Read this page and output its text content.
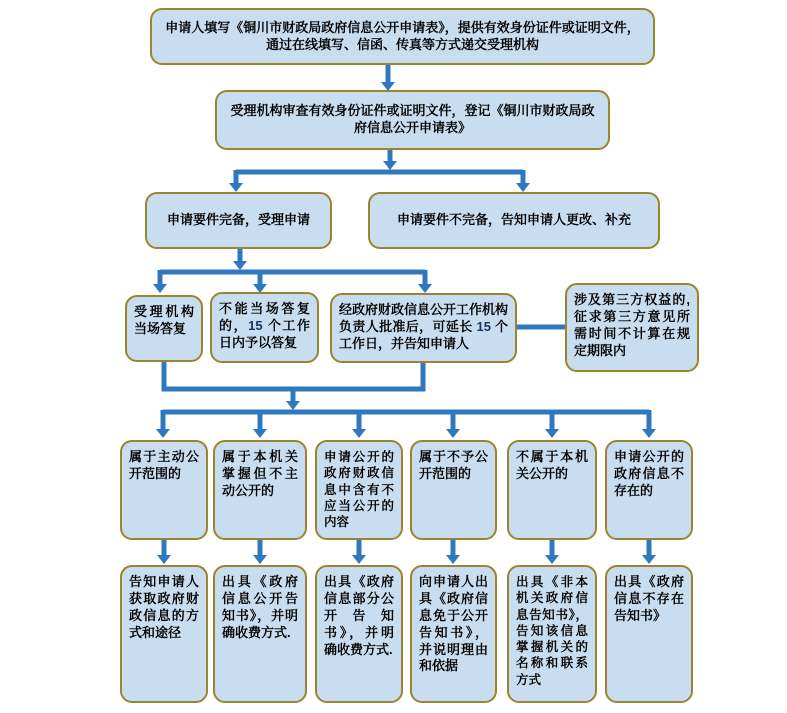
申请人填写《铜川市财政局政府信息公开申请表》，提供有效身份证件或证明文件，通过在线填写、信函、传真等方式递交受理机构
受理机构审查有效身份证件或证明文件，登记《铜川市财政局政府信息公开申请表》
申请要件完备，受理申请	申请要件不完备，告知申请人更改、补充
受理机构当场答复
不能当场答复的，15 个工作日内予以答复
经政府财政信息公开工作机构负责人批准后，可延长 15 个工作日，并告知申请人
涉及第三方权益的,征求第三方意见所需时间不计算在规定期限内
属于主动公开范围的
属于本机关掌握但不主动公开的
申请公开的政府财政信息中含有不应当公开的内容
属于不予公开范围的
不属于本机关公开的
申请公开的政府信息不存在的
告知申请人获取政府财政信息的方式和途径
出具《政府信息公开告知书》，并明确收费方式.
出具《政府信息部分公开告知书》，并明确收费方式.
向申请人出具《政府信息免于公开告知书》，并说明理由和依据
出具《非本机关政府信息告知书》，告知该信息掌握机关的名称和联系方式
出具《政府信息不存在告知书》
